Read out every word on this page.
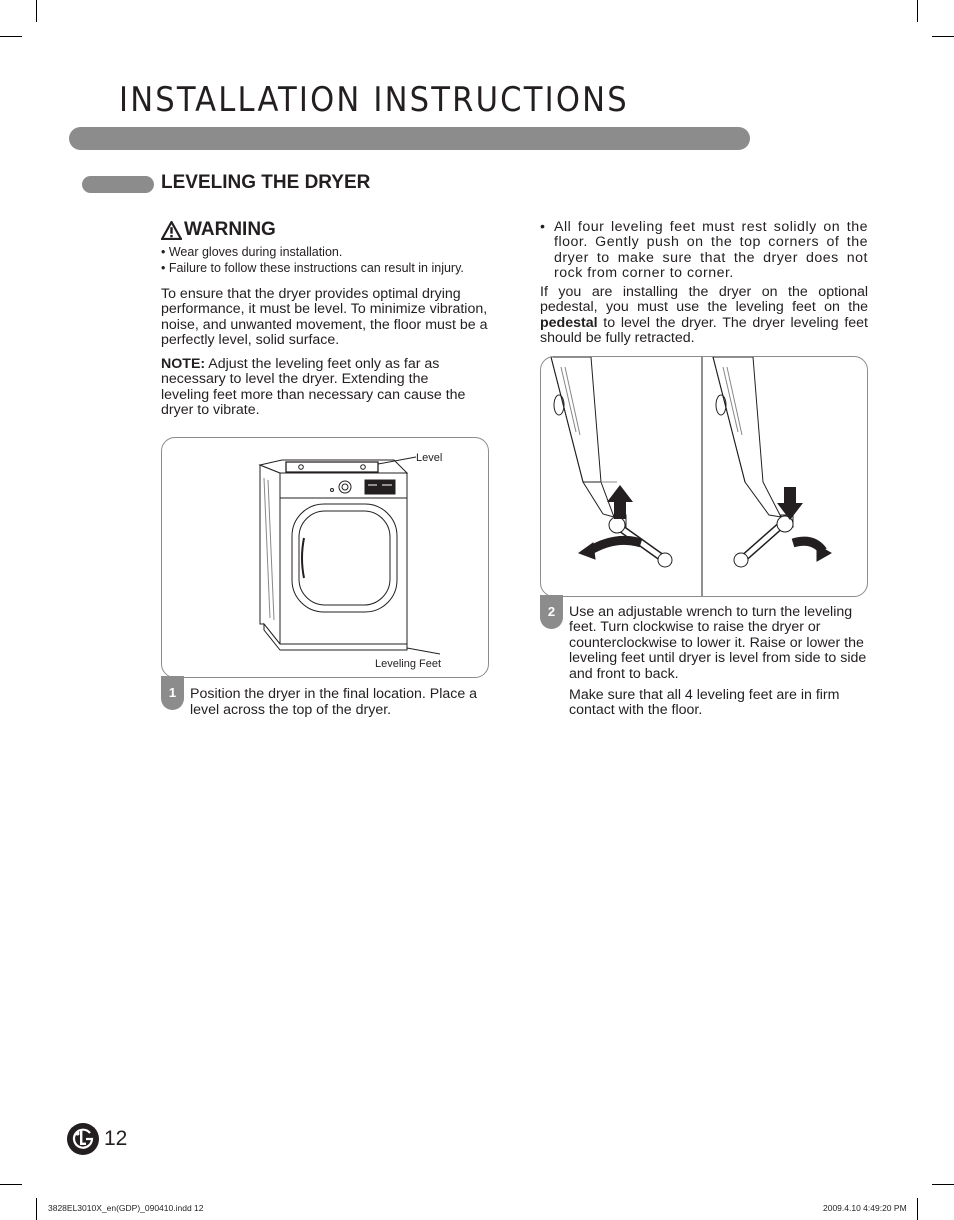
INSTALLATION INSTRUCTIONS
LEVELING THE DRYER
WARNING
• Wear gloves during installation.
• Failure to follow these instructions can result in injury.
To ensure that the dryer provides optimal drying performance, it must be level. To minimize vibration, noise, and unwanted movement, the floor must be a perfectly level, solid surface.
NOTE: Adjust the leveling feet only as far as necessary to level the dryer. Extending the leveling feet more than necessary can cause the dryer to vibrate.
Level
Leveling Feet
1 Position the dryer in the final location. Place a level across the top of the dryer.
• All four leveling feet must rest solidly on the floor. Gently push on the top corners of the dryer to make sure that the dryer does not rock from corner to corner.
If you are installing the dryer on the optional pedestal, you must use the leveling feet on the pedestal to level the dryer. The dryer leveling feet should be fully retracted.
2 Use an adjustable wrench to turn the leveling feet. Turn clockwise to raise the dryer or counterclockwise to lower it. Raise or lower the leveling feet until dryer is level from side to side and front to back.
Make sure that all 4 leveling feet are in firm contact with the floor.
12
3828EL3010X_en(GDP)_090410.indd 12	2009.4.10 4:49:20 PM
